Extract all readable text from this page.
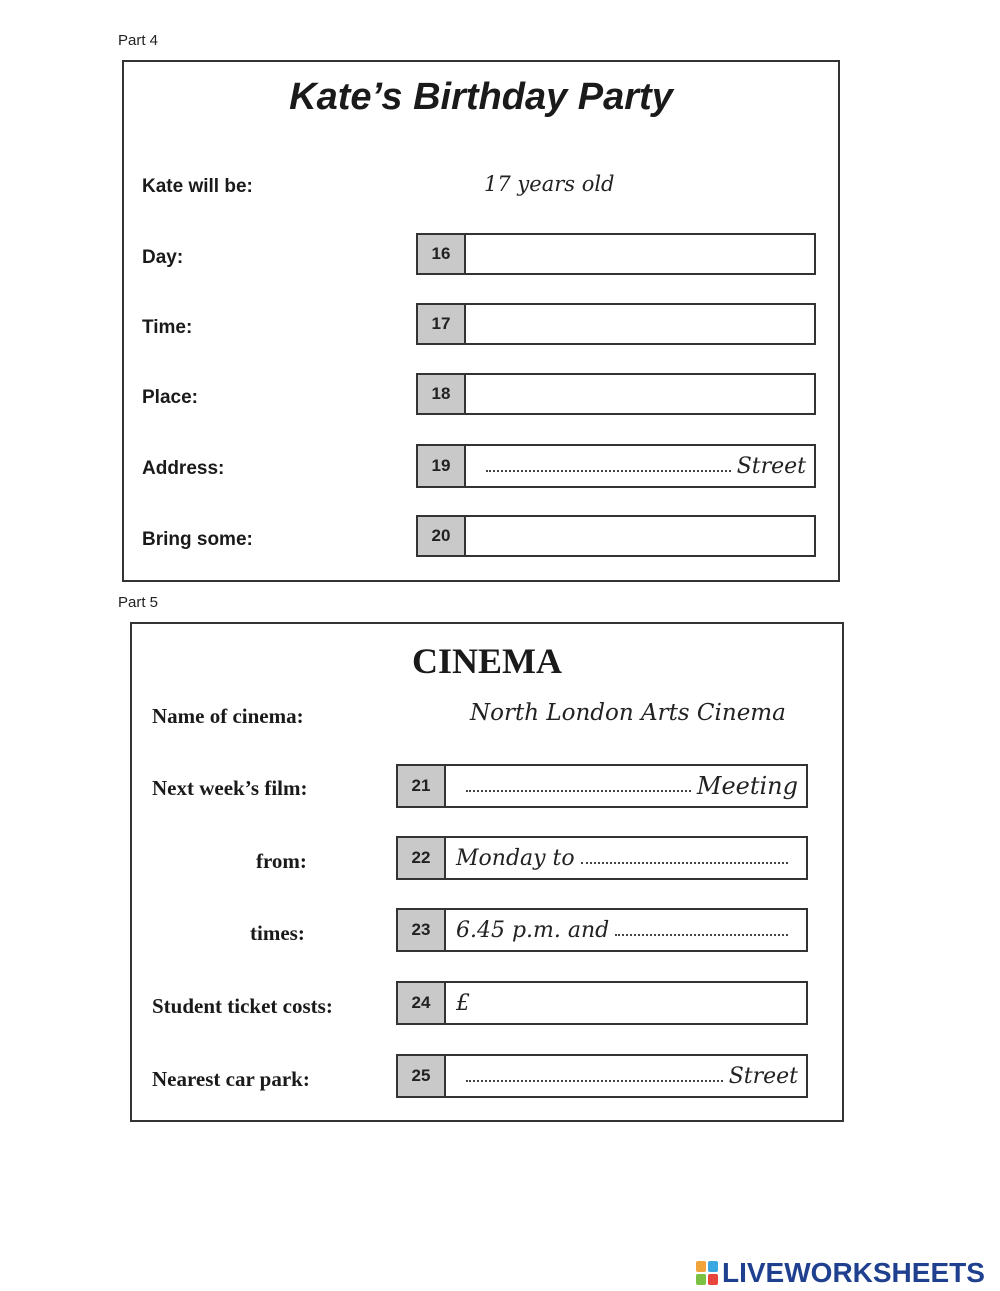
Part 4
Kate’s Birthday Party
Kate will be:	17 years old
Day:	16
Time:	17
Place:	18
Address:	19	Street
Bring some:	20
Part 5
CINEMA
Name of cinema:	North London Arts Cinema
Next week’s film:	21	Meeting
from:	22	Monday to
times:	23	6.45 p.m. and
Student ticket costs:	24	£
Nearest car park:	25	Street
LIVEWORKSHEETS
